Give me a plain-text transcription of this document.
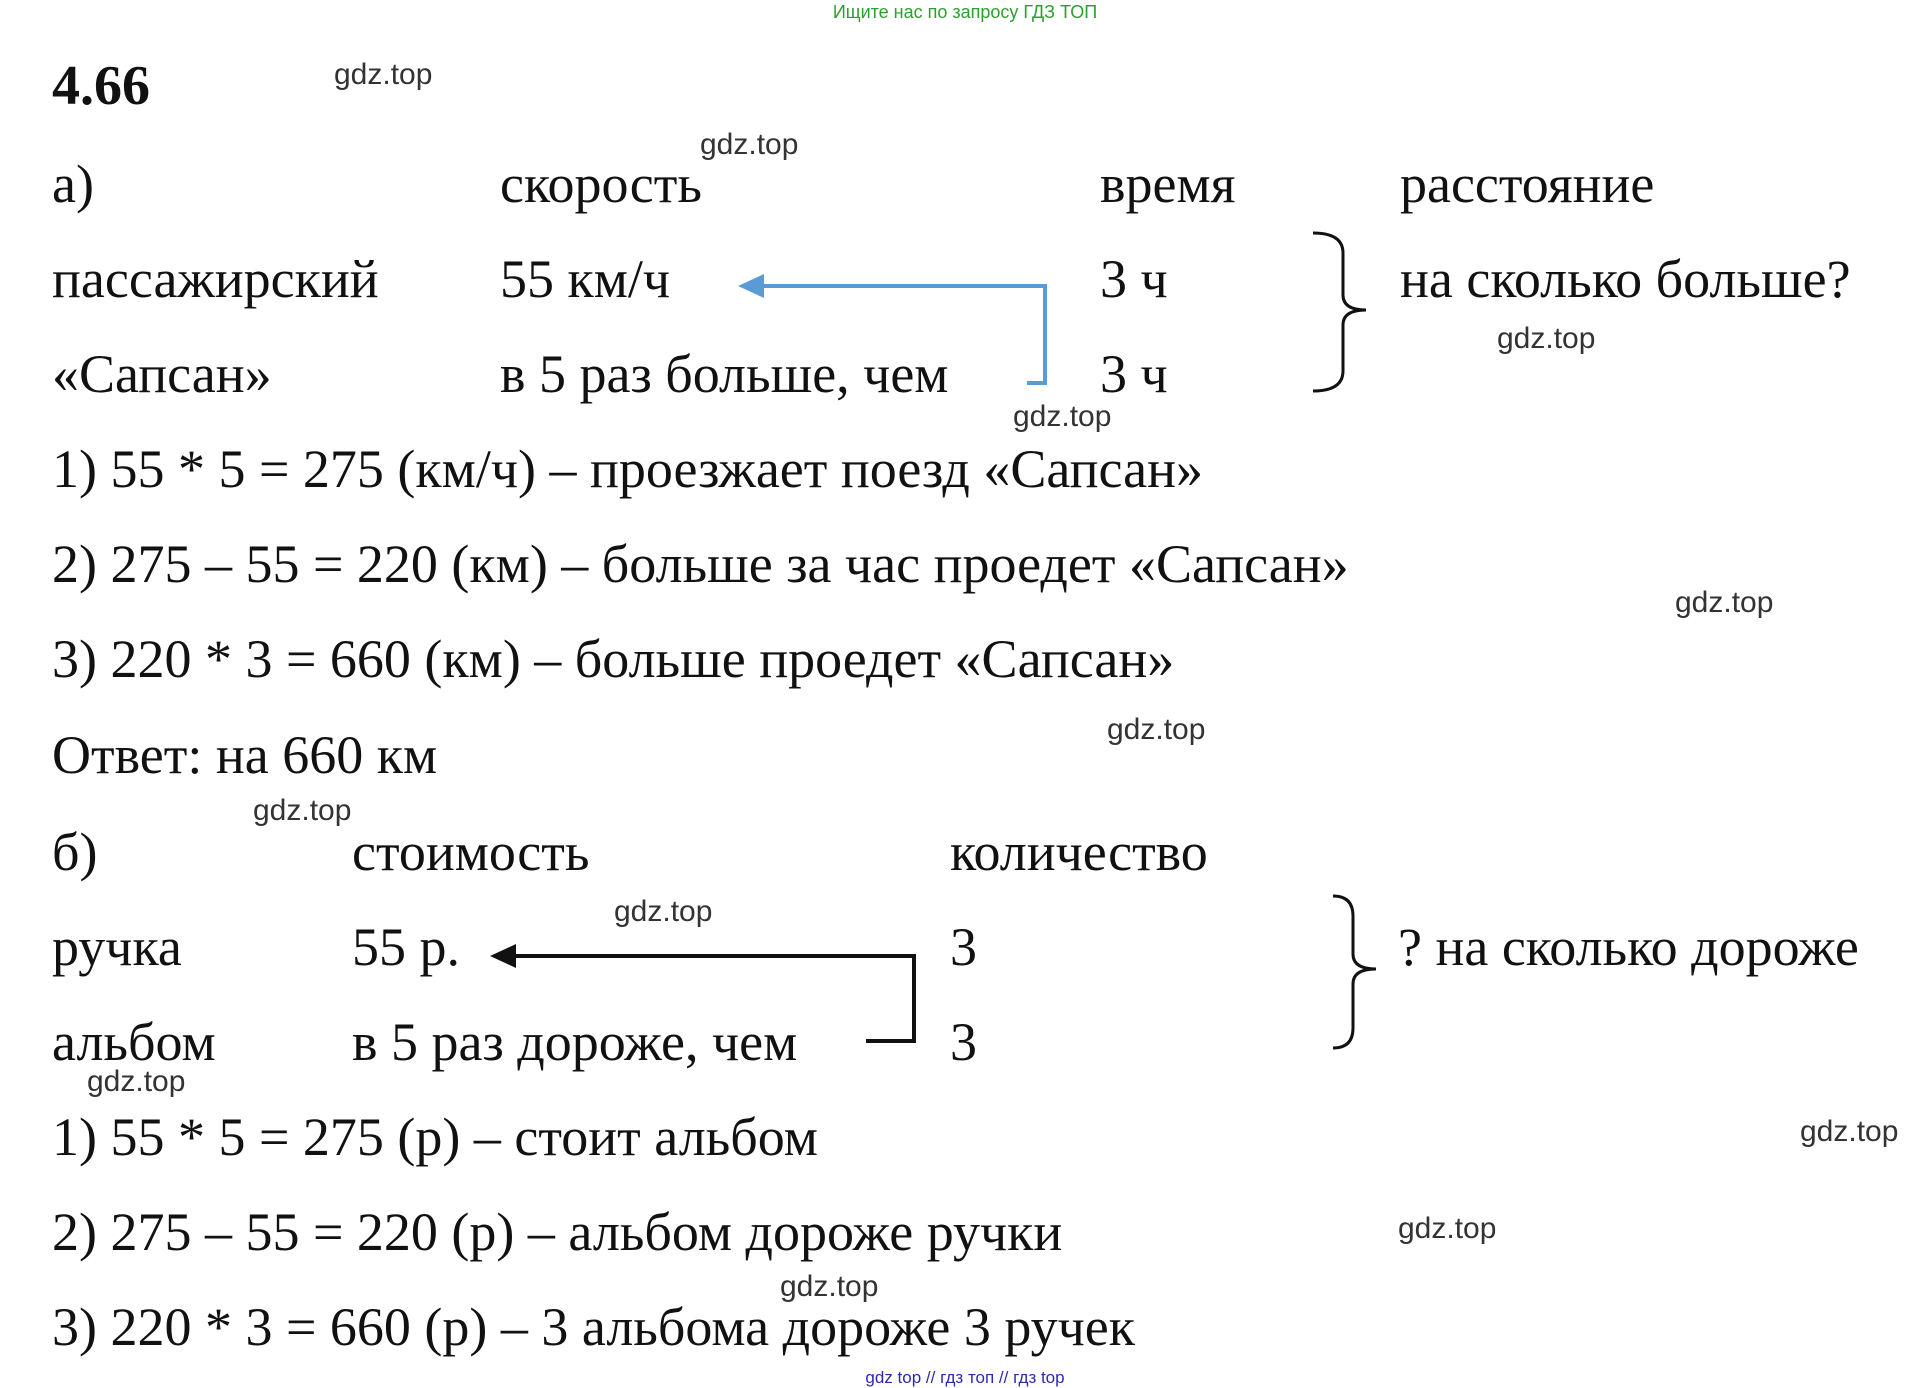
Ищите нас по запросу ГДЗ ТОП
4.66
а)	скорость	время	расстояние
пассажирский 55 км/ч	3 ч	на сколько больше?
«Сапсан»	в 5 раз больше, чем	3 ч
1) 55 * 5 = 275 (км/ч) – проезжает поезд «Сапсан»
2) 275 – 55 = 220 (км) – больше за час проедет «Сапсан»
3) 220 * 3 = 660 (км) – больше проедет «Сапсан»
Ответ: на 660 км
б)	стоимость	количество
ручка	55 р.	3	? на сколько дороже
альбом	в 5 раз дороже, чем	3
1) 55 * 5 = 275 (р) – стоит альбом
2) 275 – 55 = 220 (р) – альбом дороже ручки
3) 220 * 3 = 660 (р) – 3 альбома дороже 3 ручек
gdz.top
gdz.top
gdz.top
gdz.top
gdz.top
gdz.top
gdz.top
gdz.top
gdz.top
gdz.top
gdz.top
gdz.top
gdz top // гдз топ // гдз top
